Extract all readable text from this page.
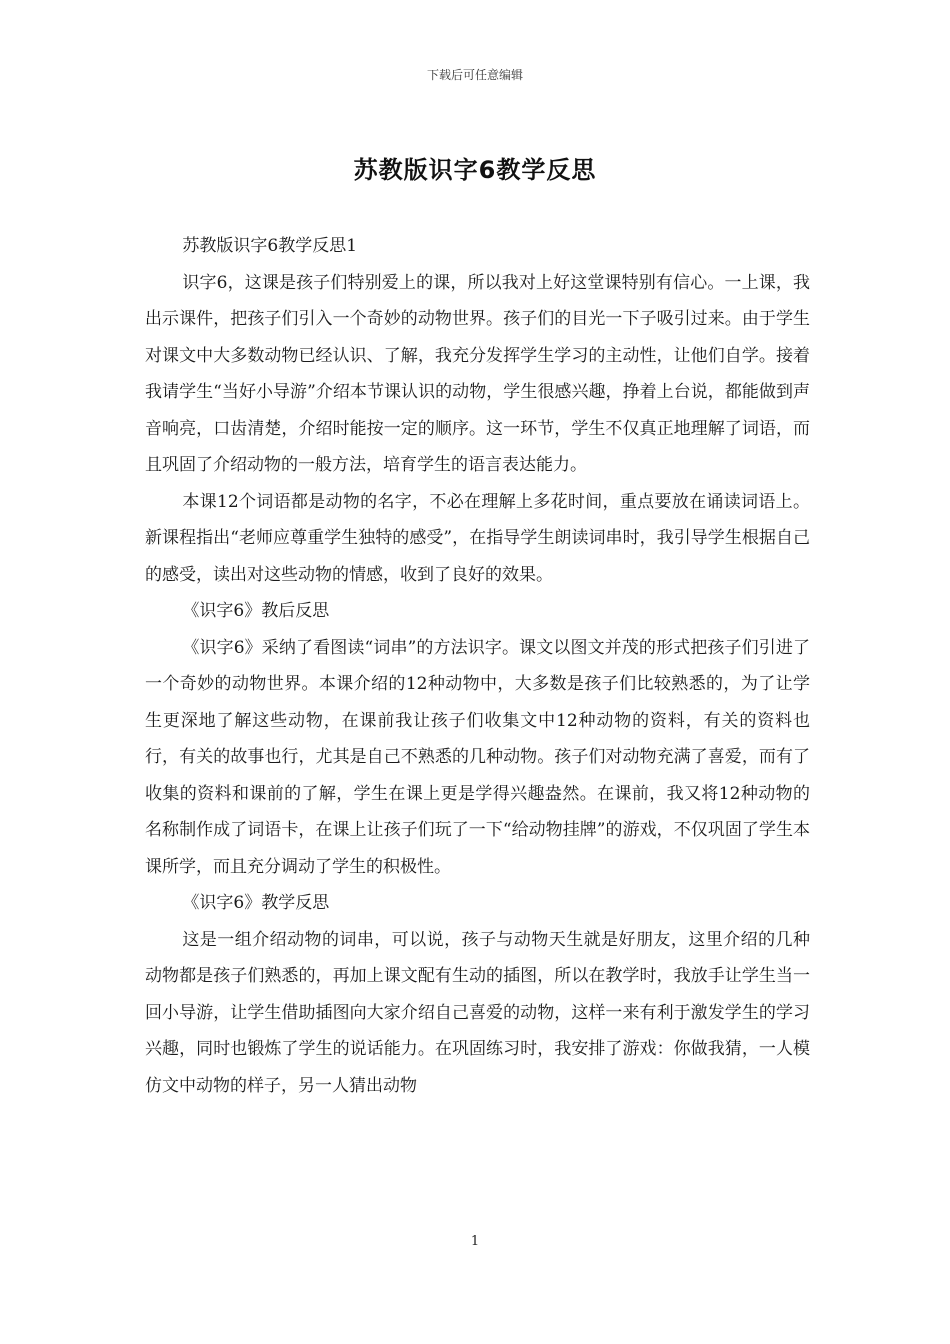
下载后可任意编辑
苏教版识字6教学反思

苏教版识字6教学反思1

识字6，这课是孩子们特别爱上的课，所以我对上好这堂课特别有信心。一上课，我出示课件，把孩子们引入一个奇妙的动物世界。孩子们的目光一下子吸引过来。由于学生对课文中大多数动物已经认识、了解，我充分发挥学生学习的主动性，让他们自学。接着我请学生“当好小导游”介绍本节课认识的动物，学生很感兴趣，挣着上台说，都能做到声音响亮，口齿清楚，介绍时能按一定的顺序。这一环节，学生不仅真正地理解了词语，而且巩固了介绍动物的一般方法，培育学生的语言表达能力。

本课12个词语都是动物的名字，不必在理解上多花时间，重点要放在诵读词语上。新课程指出“老师应尊重学生独特的感受”，在指导学生朗读词串时，我引导学生根据自己的感受，读出对这些动物的情感，收到了良好的效果。

《识字6》教后反思

《识字6》采纳了看图读“词串”的方法识字。课文以图文并茂的形式把孩子们引进了一个奇妙的动物世界。本课介绍的12种动物中，大多数是孩子们比较熟悉的，为了让学生更深地了解这些动物，在课前我让孩子们收集文中12种动物的资料，有关的资料也行，有关的故事也行，尤其是自己不熟悉的几种动物。孩子们对动物充满了喜爱，而有了收集的资料和课前的了解，学生在课上更是学得兴趣盎然。在课前，我又将12种动物的名称制作成了词语卡，在课上让孩子们玩了一下“给动物挂牌”的游戏，不仅巩固了学生本课所学，而且充分调动了学生的积极性。

《识字6》教学反思

这是一组介绍动物的词串，可以说，孩子与动物天生就是好朋友，这里介绍的几种动物都是孩子们熟悉的，再加上课文配有生动的插图，所以在教学时，我放手让学生当一回小导游，让学生借助插图向大家介绍自己喜爱的动物，这样一来有利于激发学生的学习兴趣，同时也锻炼了学生的说话能力。在巩固练习时，我安排了游戏：你做我猜，一人模仿文中动物的样子，另一人猜出动物

1
